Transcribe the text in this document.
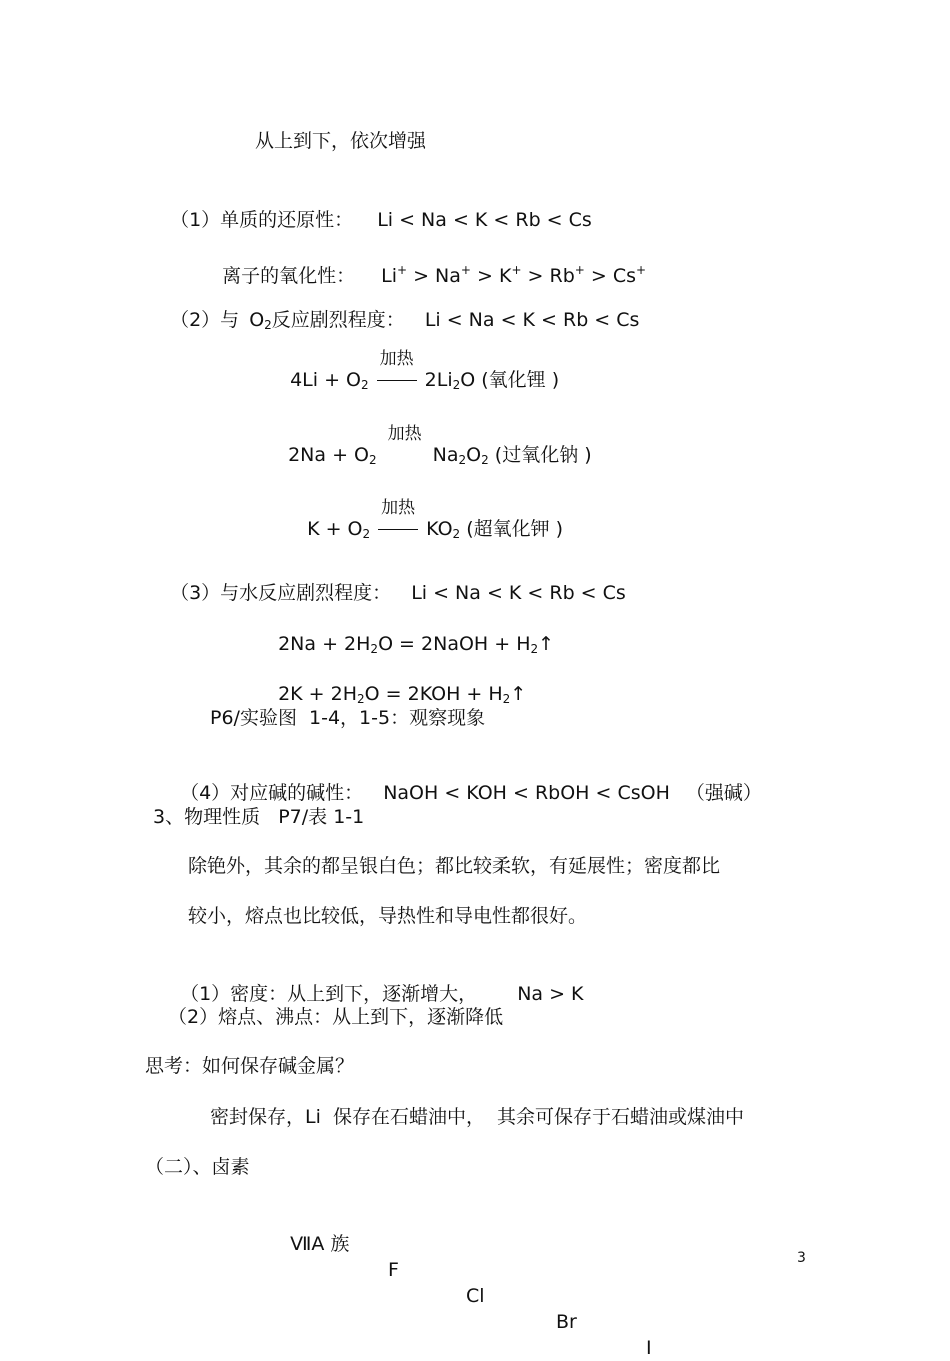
从上到下，依次增强

（1）单质的还原性： Li < Na < K < Rb < Cs

离子的氧化性： Li+ > Na+ > K+ > Rb+ > Cs+

（2）与 $O_2$反应剧烈程度： Li < Na < K < Rb < Cs

$4Li + O_2$
加热
$2Li_2O$ (氧化锂 )

$2Na + O_2$
加热
$Na_2O_2$ (过氧化钠 )

$K + O_2$
加热
$KO_2$ (超氧化钾 )

（3）与水反应剧烈程度： Li < Na < K < Rb < Cs

$2Na + 2H_2O$ = 2NaOH + $H_2↑$

$2K + 2H_2O = 2KOH$ + $H_2↑$

P6/实验图  1-4，1-5：观察现象

（4）对应碱的碱性： NaOH < KOH < RbOH < CsOH （强碱）

3、物理性质   P7/表 1-1
除铯外，其余的都呈银白色；都比较柔软，有延展性；密度都比
较小，熔点也比较低，导热性和导电性都很好。

（1）密度：从上到下，逐渐增大， Na > K

（2）熔点、沸点：从上到下，逐渐降低
思考：如何保存碱金属？
密封保存，Li  保存在石蜡油中，  其余可保存于石蜡油或煤油中
（二）、卤素

ⅦA 族

F

Cl

Br

I

3
